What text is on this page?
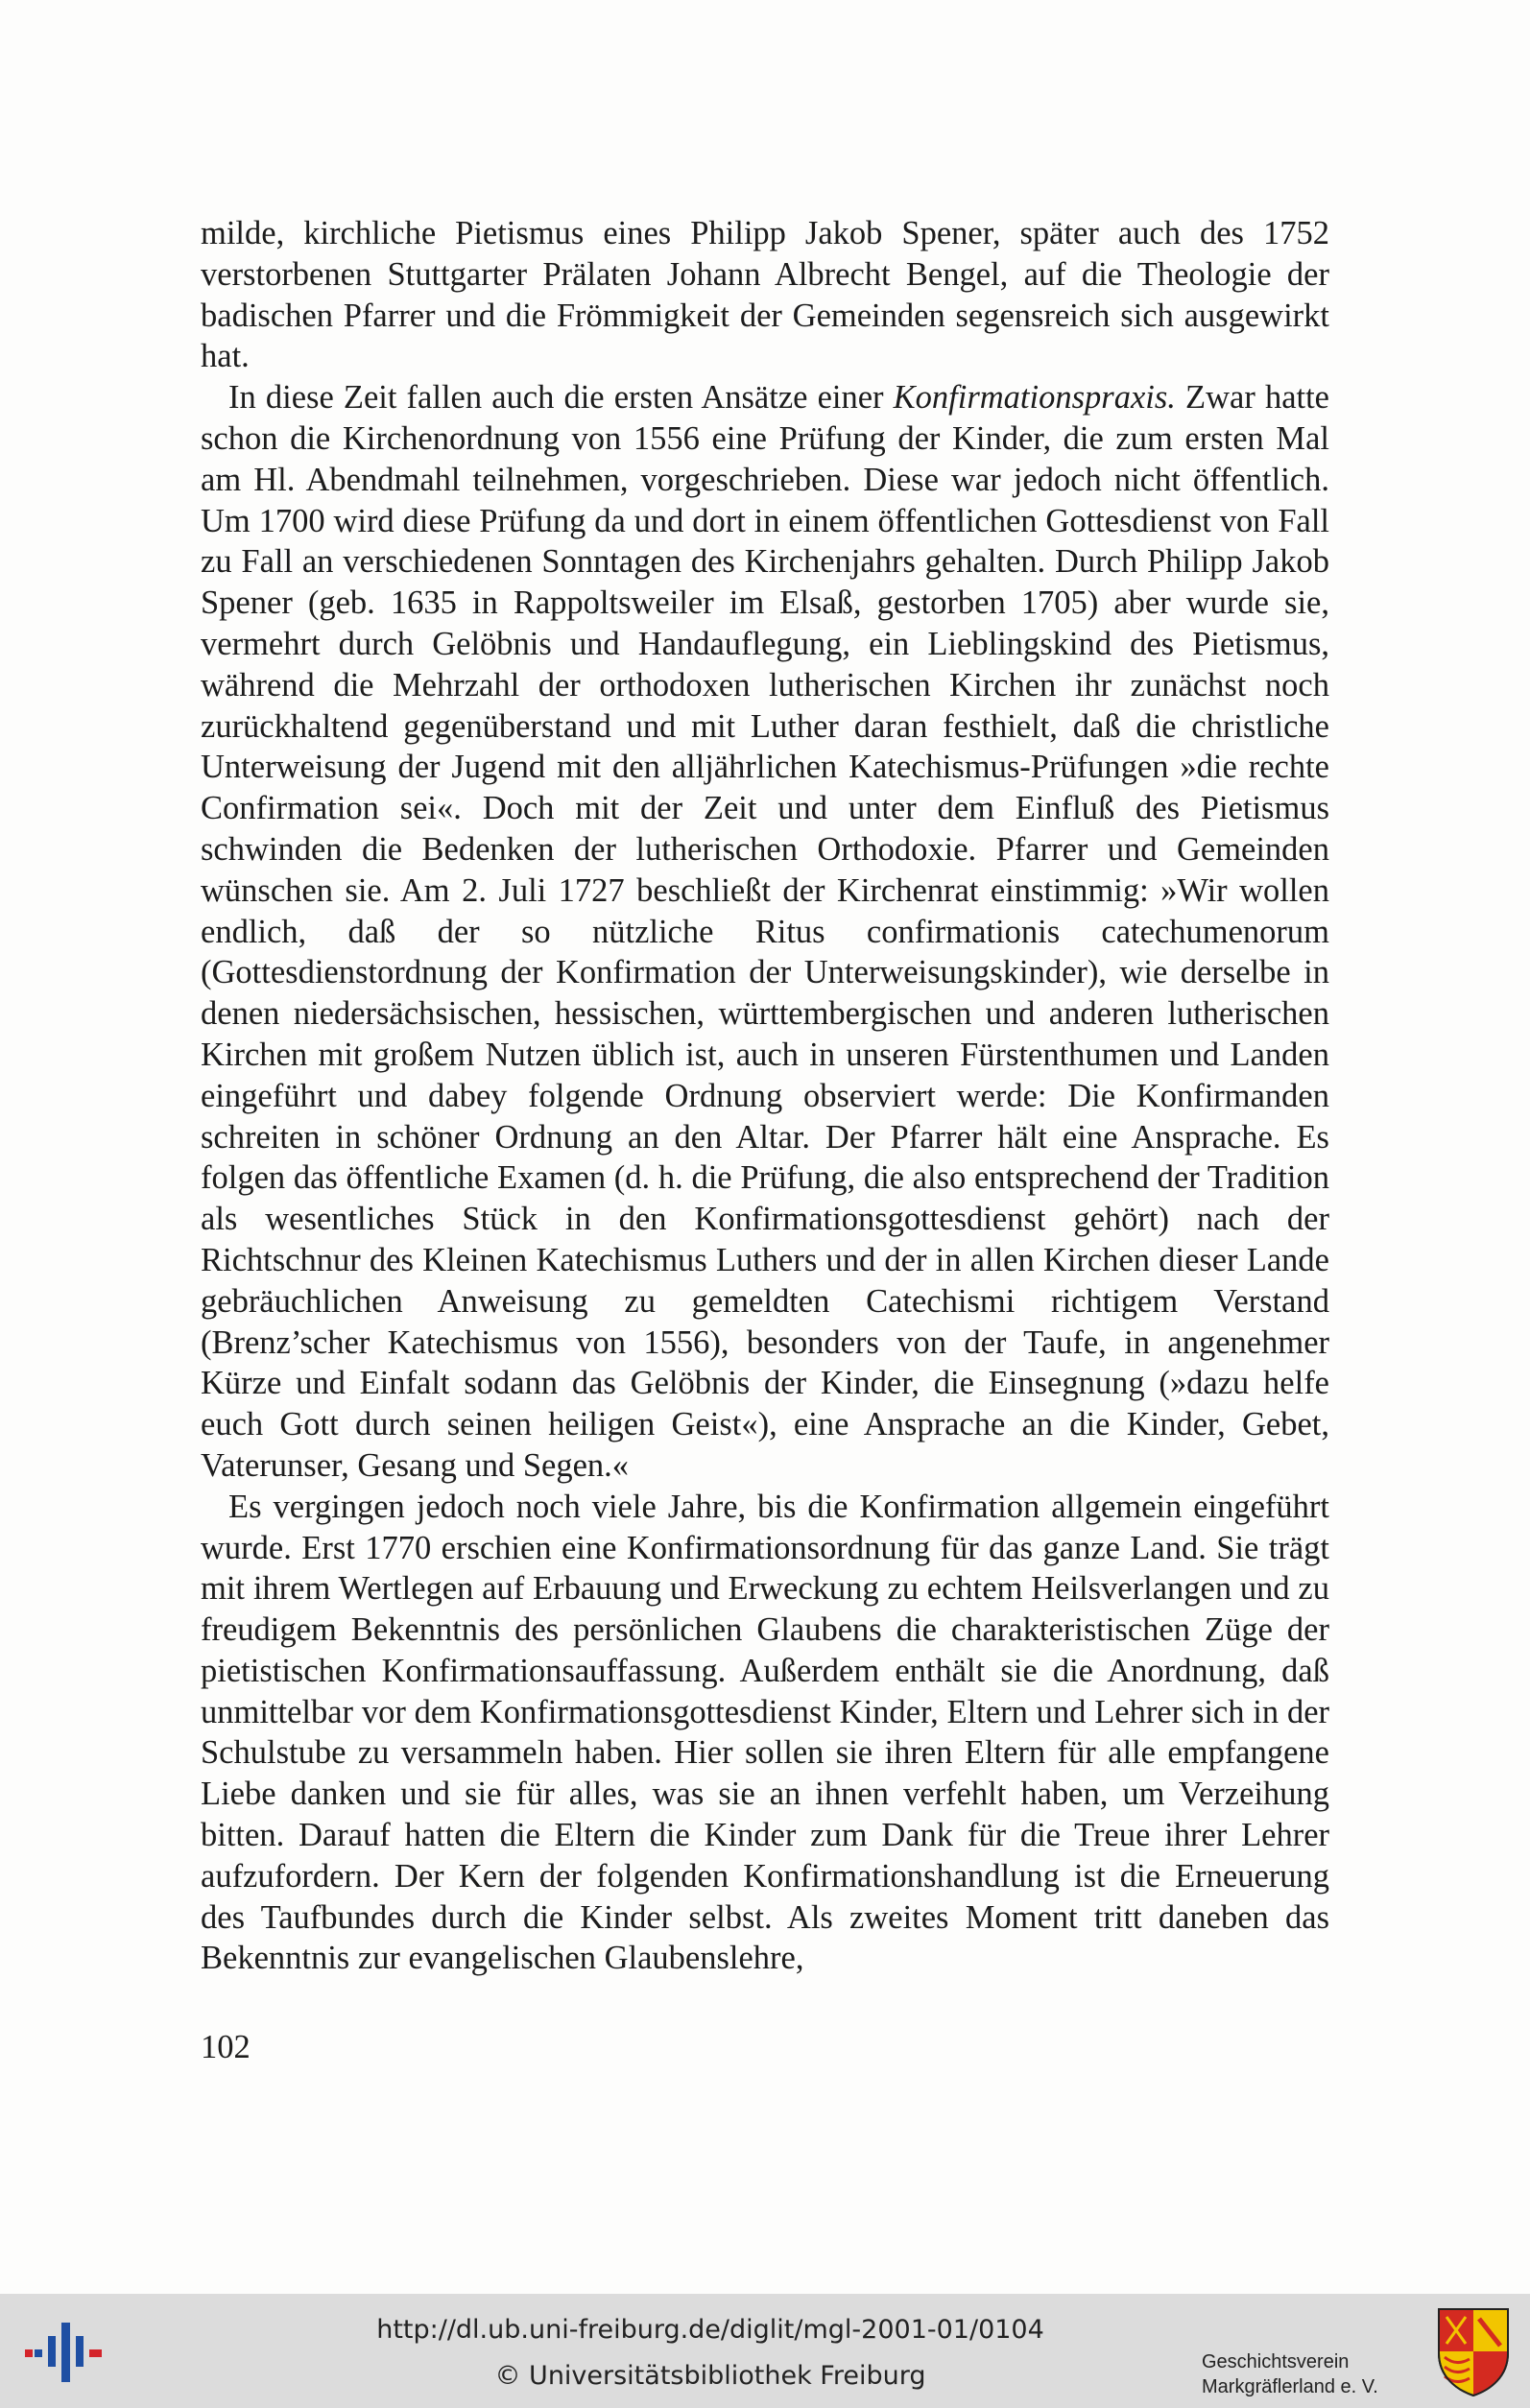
milde, kirchliche Pietismus eines Philipp Jakob Spener, später auch des 1752 verstorbenen Stuttgarter Prälaten Johann Albrecht Bengel, auf die Theologie der badischen Pfarrer und die Frömmigkeit der Gemeinden segensreich sich ausgewirkt hat.

In diese Zeit fallen auch die ersten Ansätze einer Konfirmationspraxis. Zwar hatte schon die Kirchenordnung von 1556 eine Prüfung der Kinder, die zum ersten Mal am Hl. Abendmahl teilnehmen, vorgeschrieben. Diese war jedoch nicht öffentlich. Um 1700 wird diese Prüfung da und dort in einem öffentlichen Gottesdienst von Fall zu Fall an verschiedenen Sonntagen des Kirchenjahrs gehalten. Durch Philipp Jakob Spener (geb. 1635 in Rappoltsweiler im Elsaß, gestorben 1705) aber wurde sie, vermehrt durch Gelöbnis und Handauflegung, ein Lieblingskind des Pietismus, während die Mehrzahl der orthodoxen lutherischen Kirchen ihr zunächst noch zurückhaltend gegenüberstand und mit Luther daran festhielt, daß die christliche Unterweisung der Jugend mit den alljährlichen Katechismus-Prüfungen »die rechte Confirmation sei«. Doch mit der Zeit und unter dem Einfluß des Pietismus schwinden die Bedenken der lutherischen Orthodoxie. Pfarrer und Gemeinden wünschen sie. Am 2. Juli 1727 beschließt der Kirchenrat einstimmig: »Wir wollen endlich, daß der so nützliche Ritus confirmationis catechumenorum (Gottesdienstordnung der Konfirmation der Unterweisungskinder), wie derselbe in denen niedersächsischen, hessischen, württembergischen und anderen lutherischen Kirchen mit großem Nutzen üblich ist, auch in unseren Fürstenthumen und Landen eingeführt und dabey folgende Ordnung observiert werde: Die Konfirmanden schreiten in schöner Ordnung an den Altar. Der Pfarrer hält eine Ansprache. Es folgen das öffentliche Examen (d. h. die Prüfung, die also entsprechend der Tradition als wesentliches Stück in den Konfirmationsgottesdienst gehört) nach der Richtschnur des Kleinen Katechismus Luthers und der in allen Kirchen dieser Lande gebräuchlichen Anweisung zu gemeldten Catechismi richtigem Verstand (Brenz’scher Katechismus von 1556), besonders von der Taufe, in angenehmer Kürze und Einfalt sodann das Gelöbnis der Kinder, die Einsegnung (»dazu helfe euch Gott durch seinen heiligen Geist«), eine Ansprache an die Kinder, Gebet, Vaterunser, Gesang und Segen.«

Es vergingen jedoch noch viele Jahre, bis die Konfirmation allgemein eingeführt wurde. Erst 1770 erschien eine Konfirmationsordnung für das ganze Land. Sie trägt mit ihrem Wertlegen auf Erbauung und Erweckung zu echtem Heilsverlangen und zu freudigem Bekenntnis des persönlichen Glaubens die charakteristischen Züge der pietistischen Konfirmationsauffassung. Außerdem enthält sie die Anordnung, daß unmittelbar vor dem Konfirmationsgottesdienst Kinder, Eltern und Lehrer sich in der Schulstube zu versammeln haben. Hier sollen sie ihren Eltern für alle empfangene Liebe danken und sie für alles, was sie an ihnen verfehlt haben, um Verzeihung bitten. Darauf hatten die Eltern die Kinder zum Dank für die Treue ihrer Lehrer aufzufordern. Der Kern der folgenden Konfirmationshandlung ist die Erneuerung des Taufbundes durch die Kinder selbst. Als zweites Moment tritt daneben das Bekenntnis zur evangelischen Glaubenslehre,

102
http://dl.ub.uni-freiburg.de/diglit/mgl-2001-01/0104
© Universitätsbibliothek Freiburg	Geschichtsverein
Markgräflerland e. V.
